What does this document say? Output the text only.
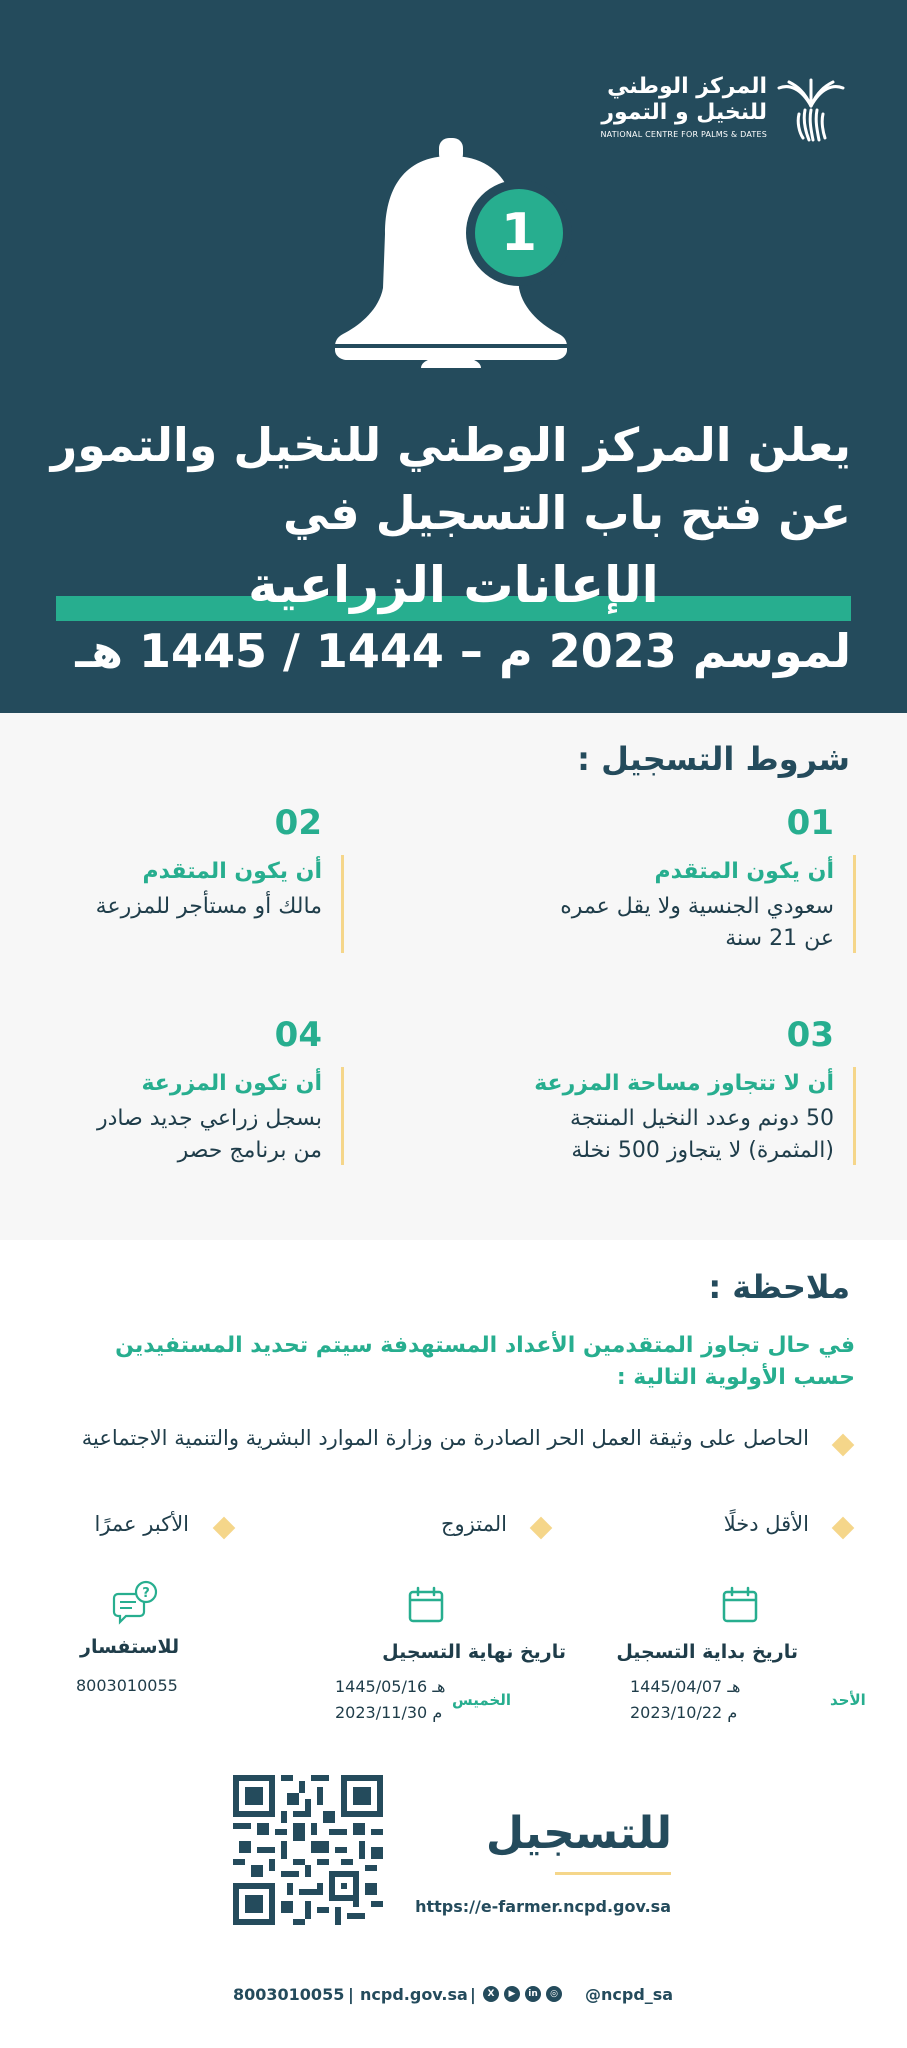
المركز الوطني
للنخيل و التمور
NATIONAL CENTRE FOR PALMS & DATES
1
يعلن المركز الوطني للنخيل والتمور
عن فتح باب التسجيل في
الإعانات الزراعية
لموسم 2023 م – 1444 / 1445 هـ
شروط التسجيل :
01
أن يكون المتقدم
سعودي الجنسية ولا يقل عمره عن 21 سنة
02
أن يكون المتقدم
مالك أو مستأجر للمزرعة
03
أن لا تتجاوز مساحة المزرعة
50 دونم وعدد النخيل المنتجة (المثمرة) لا يتجاوز 500 نخلة
04
أن تكون المزرعة
بسجل زراعي جديد صادر من برنامج حصر
ملاحظة :
في حال تجاوز المتقدمين الأعداد المستهدفة سيتم تحديد المستفيدين حسب الأولوية التالية :
الحاصل على وثيقة العمل الحر الصادرة من وزارة الموارد البشرية والتنمية الاجتماعية
الأقل دخلًا
المتزوج
الأكبر عمرًا
تاريخ بداية التسجيل
1445/04/07 هـ
2023/10/22 م
الأحد
تاريخ نهاية التسجيل
1445/05/16 هـ
2023/11/30 م
الخميس
?
للاستفسار
8003010055
للتسجيل
https://e-farmer.ncpd.gov.sa
8003010055 | ncpd.gov.sa |	X	▶	in	◎ @ncpd_sa
